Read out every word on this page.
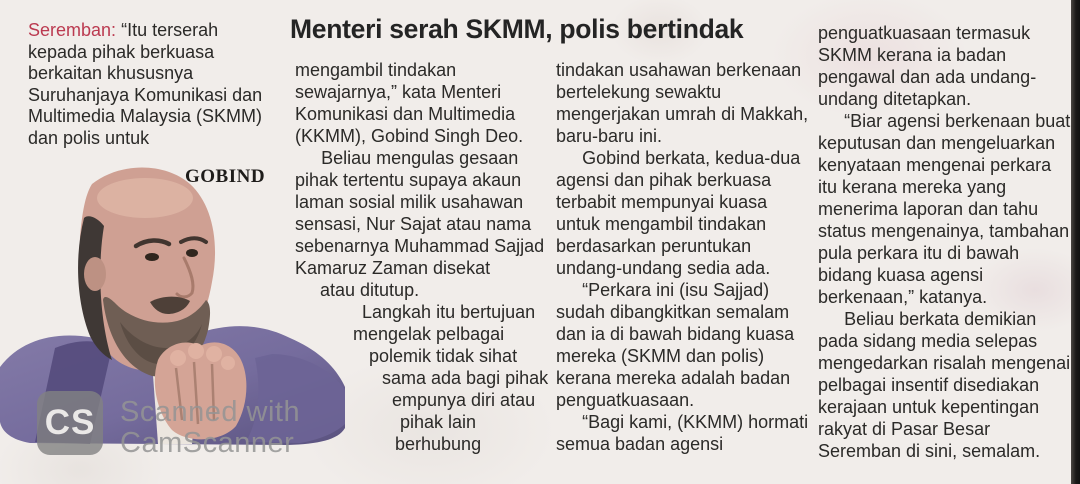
Menteri serah SKMM, polis bertindak

Seremban: “Itu terserah kepada pihak berkuasa berkaitan khususnya Suruhanjaya Komunikasi dan Multimedia Malaysia (SKMM) dan polis untuk

GOBIND

mengambil tindakan sewajarnya,” kata Menteri Komunikasi dan Multimedia (KKMM), Gobind Singh Deo.

Beliau mengulas gesaan pihak tertentu supaya akaun laman sosial milik usahawan sensasi, Nur Sajat atau nama sebenarnya Muhammad Sajjad Kamaruz Zaman disekat

atau ditutup.
Langkah itu bertujuan
mengelak pelbagai
polemik tidak sihat
sama ada bagi pihak
empunya diri atau
pihak lain
berhubung

tindakan usahawan berkenaan bertelekung sewaktu mengerjakan umrah di Makkah, baru-baru ini.

Gobind berkata, kedua-dua agensi dan pihak berkuasa terbabit mempunyai kuasa untuk mengambil tindakan berdasarkan peruntukan undang-undang sedia ada.

“Perkara ini (isu Sajjad) sudah dibangkitkan semalam dan ia di bawah bidang kuasa mereka (SKMM dan polis) kerana mereka adalah badan penguatkuasaan.

“Bagi kami, (KKMM) hormati semua badan agensi

penguatkuasaan termasuk SKMM kerana ia badan pengawal dan ada undang-undang ditetapkan.

“Biar agensi berkenaan buat keputusan dan mengeluarkan kenyataan mengenai perkara itu kerana mereka yang menerima laporan dan tahu status mengenainya, tambahan pula perkara itu di bawah bidang kuasa agensi berkenaan,” katanya.

Beliau berkata demikian pada sidang media selepas mengedarkan risalah mengenai pelbagai insentif disediakan kerajaan untuk kepentingan rakyat di Pasar Besar Seremban di sini, semalam.

CS Scanned with
CamScanner
